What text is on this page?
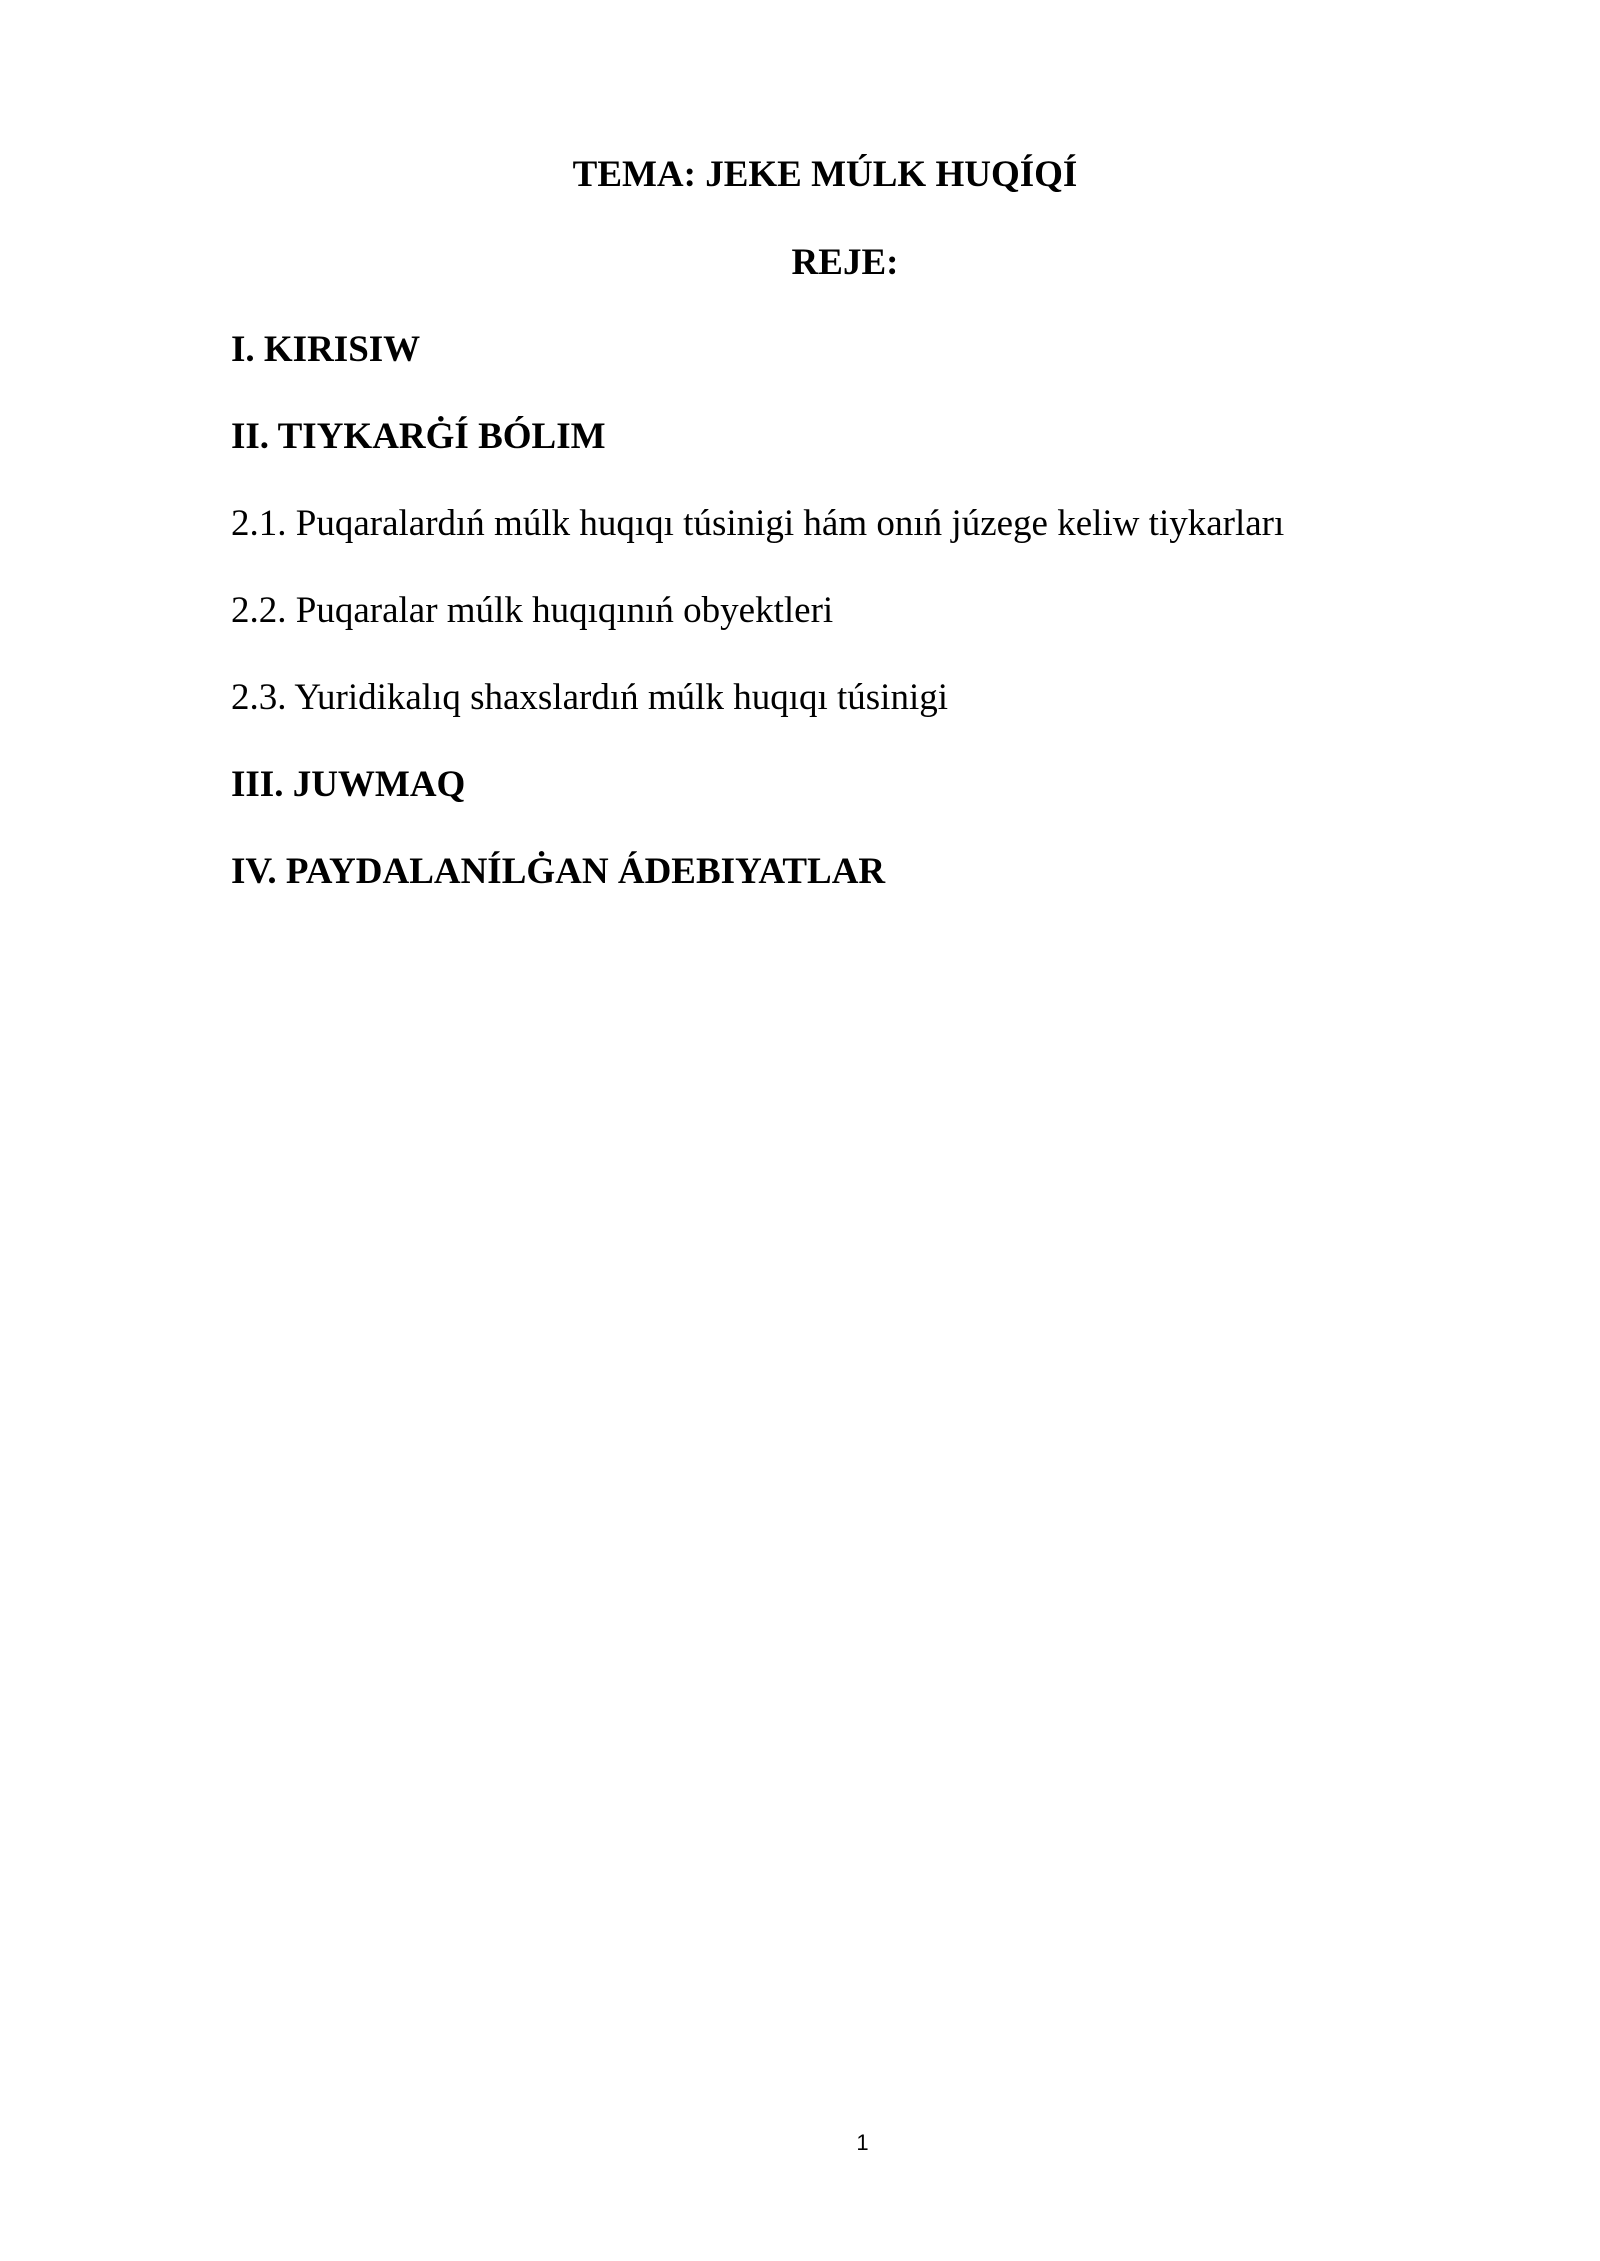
TEMA: JEKE MÚLK HUQÍQÍ
REJE:
I. KIRISIW
II. TIYKARĠÍ BÓLIM
2.1. Puqaralardıń múlk huqıqı túsinigi hám onıń júzege keliw tiykarları
2.2. Puqaralar múlk huqıqınıń obyektleri
2.3. Yuridikalıq shaxslardıń múlk huqıqı túsinigi
III. JUWMAQ
IV. PAYDALANÍLĠAN ÁDEBIYATLAR
1
